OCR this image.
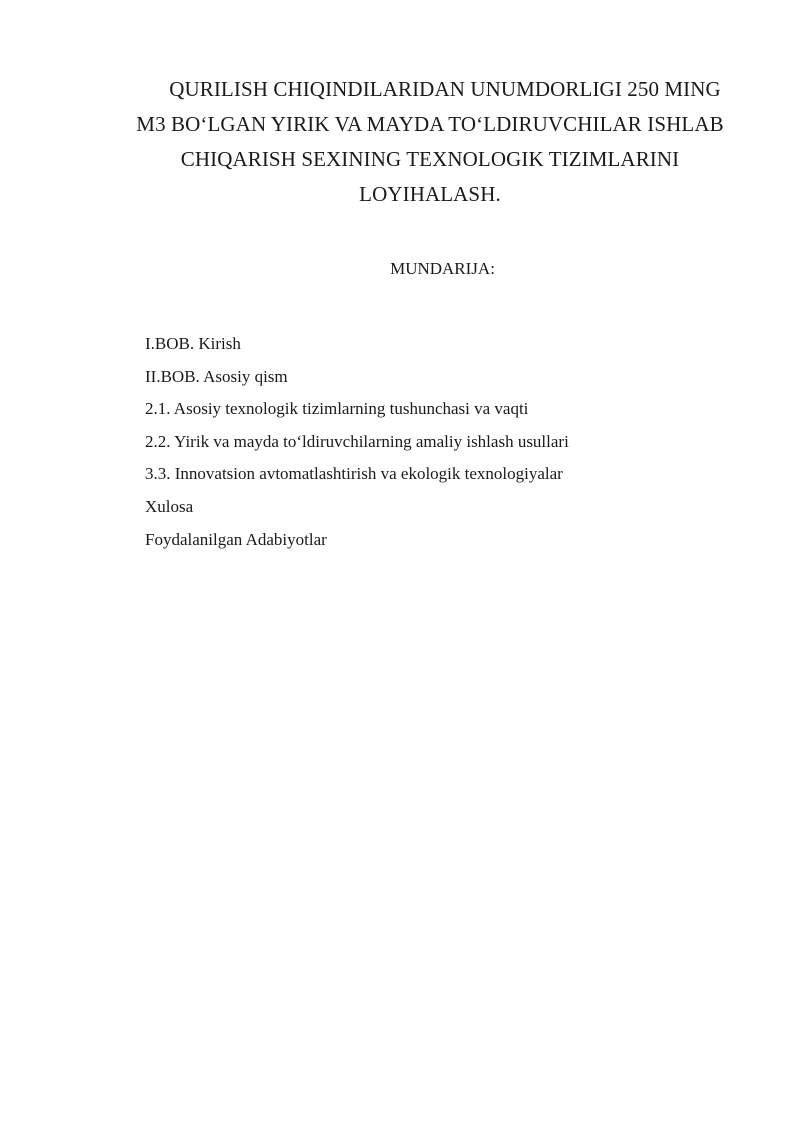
QURILISH CHIQINDILARIDAN UNUMDORLIGI 250 MING
M3 BO‘LGAN YIRIK VA MAYDA TO‘LDIRUVCHILAR ISHLAB
CHIQARISH SEXINING TEXNOLOGIK TIZIMLARINI
LOYIHALASH.
MUNDARIJA:
I.BOB. Kirish
II.BOB. Asosiy qism
2.1. Asosiy texnologik tizimlarning tushunchasi va vaqti
2.2. Yirik va mayda to‘ldiruvchilarning amaliy ishlash usullari
3.3. Innovatsion avtomatlashtirish va ekologik texnologiyalar
Xulosa
Foydalanilgan Adabiyotlar
